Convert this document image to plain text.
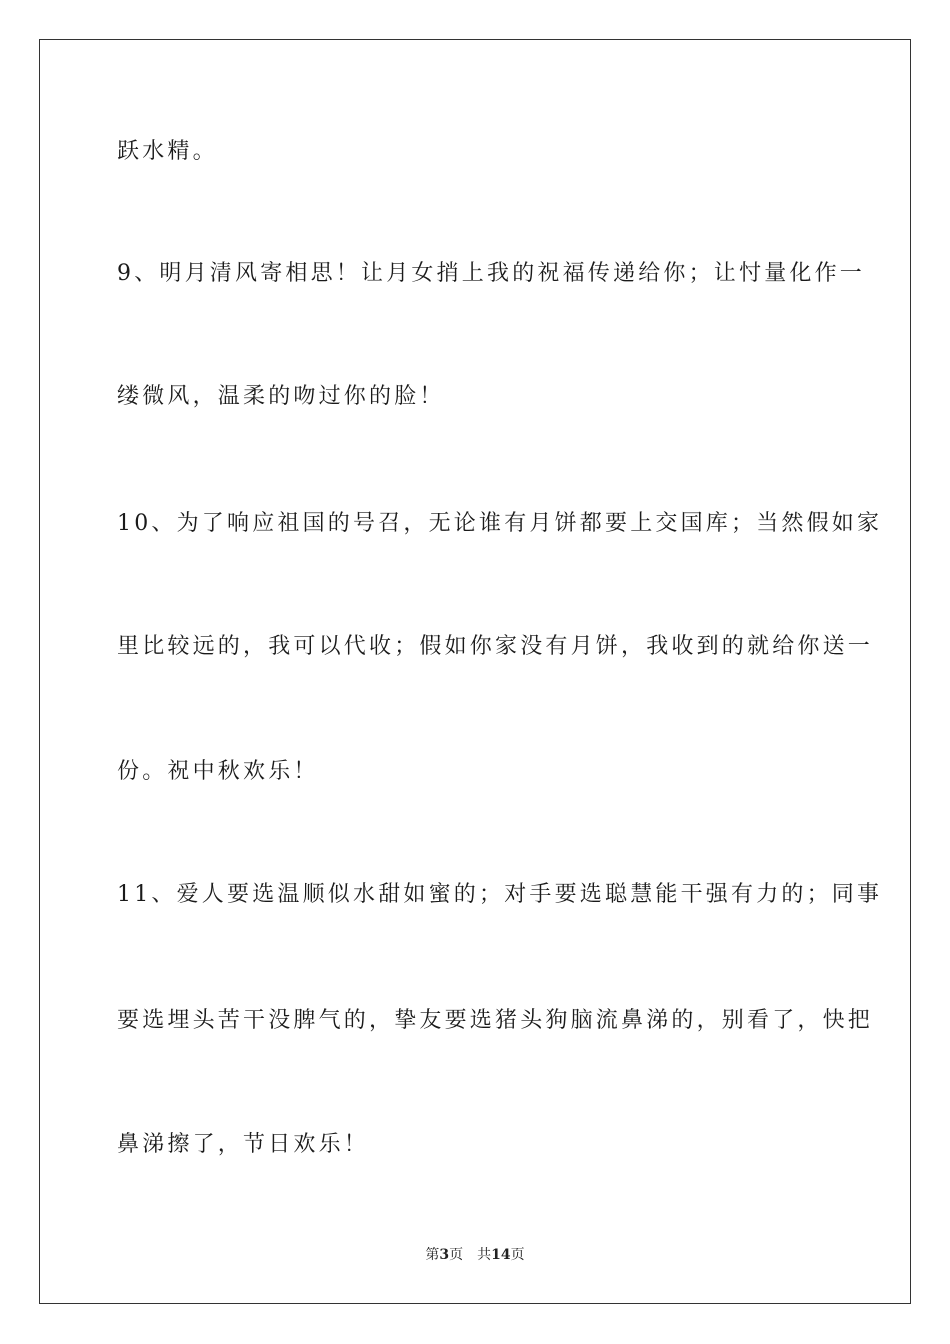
跃水精。
9、明月清风寄相思！让月女捎上我的祝福传递给你；让忖量化作一
缕微风，温柔的吻过你的脸！
10、为了响应祖国的号召，无论谁有月饼都要上交国库；当然假如家
里比较远的，我可以代收；假如你家没有月饼，我收到的就给你送一
份。祝中秋欢乐！
11、爱人要选温顺似水甜如蜜的；对手要选聪慧能干强有力的；同事
要选埋头苦干没脾气的，挚友要选猪头狗脑流鼻涕的，别看了，快把
鼻涕擦了，节日欢乐！
第3页 共14页
